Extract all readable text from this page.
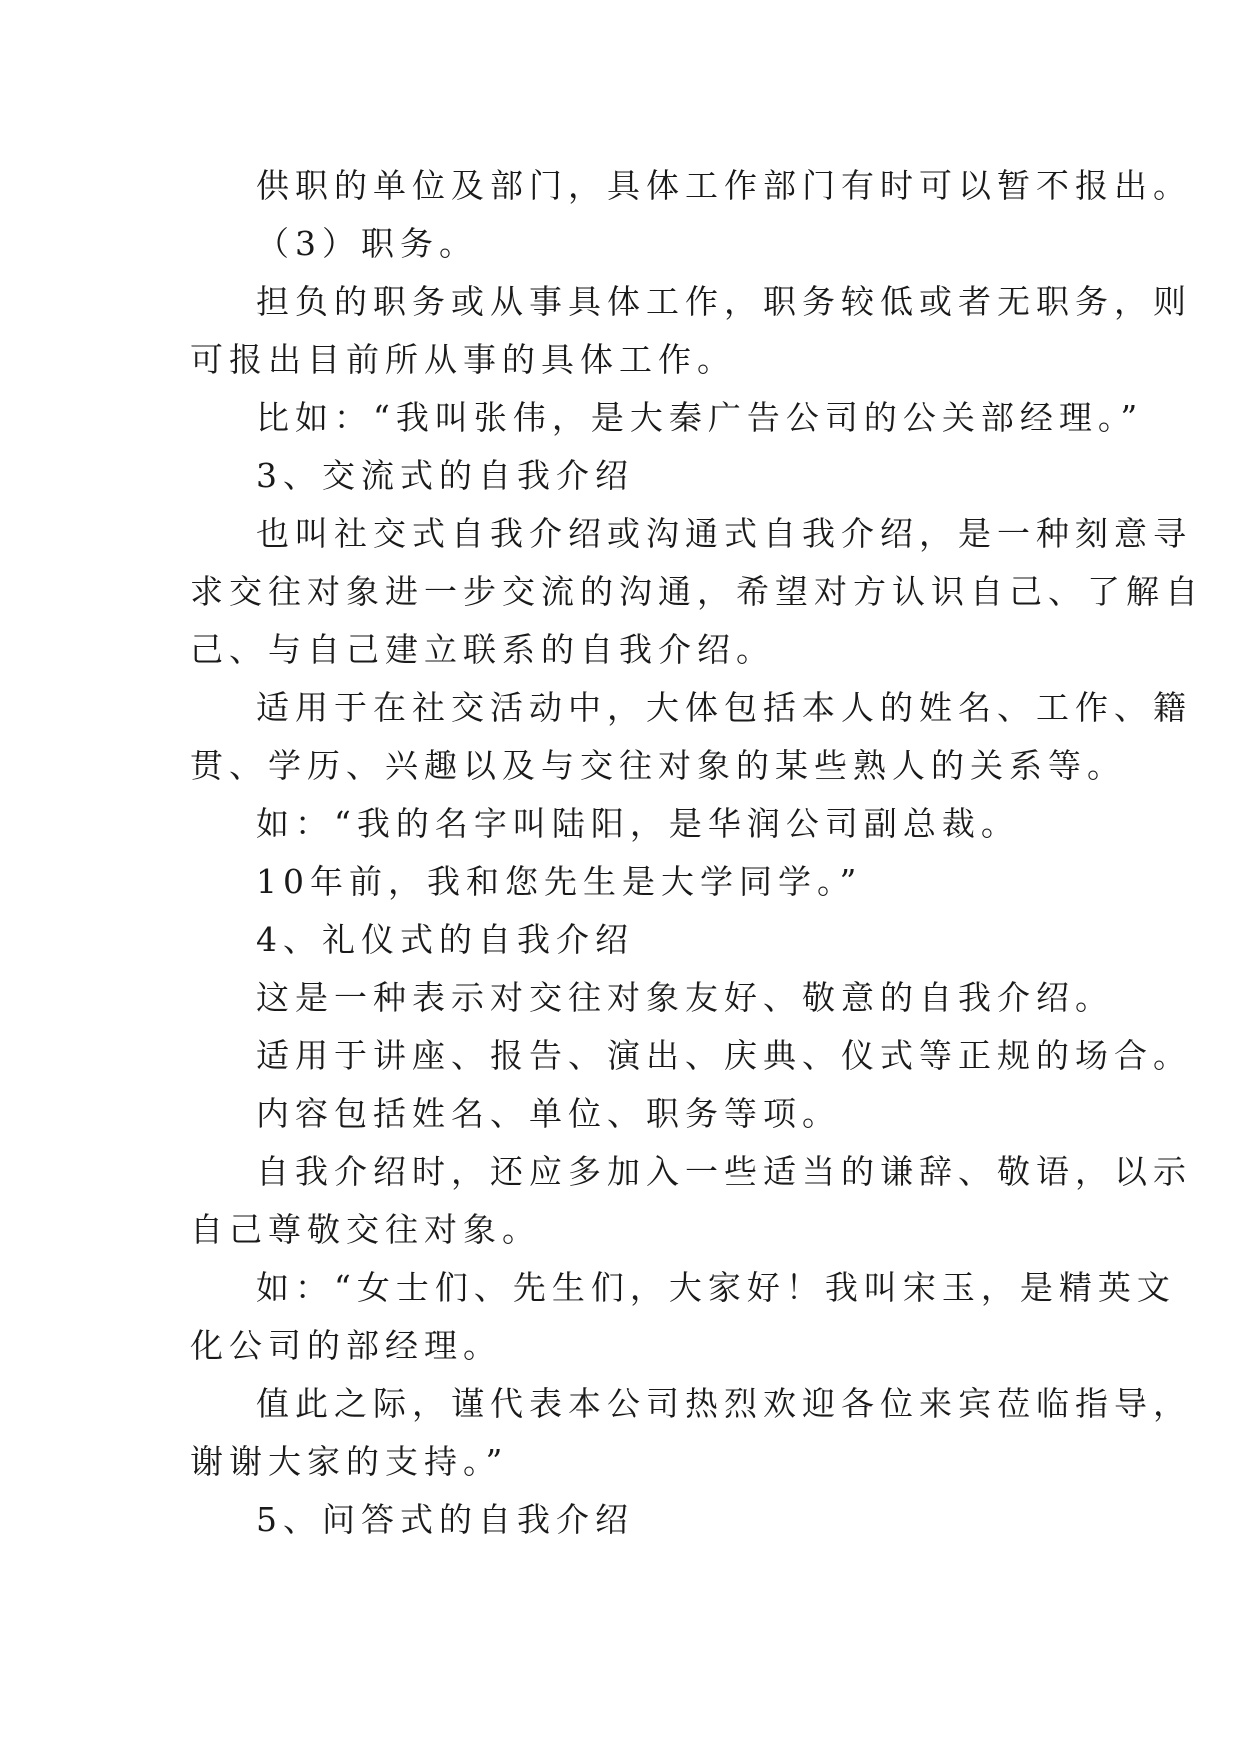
供职的单位及部门，具体工作部门有时可以暂不报出。
（3）职务。
担负的职务或从事具体工作，职务较低或者无职务，则
可报出目前所从事的具体工作。
比如：“我叫张伟，是大秦广告公司的公关部经理。”
3、交流式的自我介绍
也叫社交式自我介绍或沟通式自我介绍，是一种刻意寻
求交往对象进一步交流的沟通，希望对方认识自己、了解自
己、与自己建立联系的自我介绍。
适用于在社交活动中，大体包括本人的姓名、工作、籍
贯、学历、兴趣以及与交往对象的某些熟人的关系等。
如：“我的名字叫陆阳，是华润公司副总裁。
10年前，我和您先生是大学同学。”
4、礼仪式的自我介绍
这是一种表示对交往对象友好、敬意的自我介绍。
适用于讲座、报告、演出、庆典、仪式等正规的场合。
内容包括姓名、单位、职务等项。
自我介绍时，还应多加入一些适当的谦辞、敬语，以示
自己尊敬交往对象。
如：“女士们、先生们，大家好！我叫宋玉，是精英文
化公司的部经理。
值此之际，谨代表本公司热烈欢迎各位来宾莅临指导，
谢谢大家的支持。”
5、问答式的自我介绍
